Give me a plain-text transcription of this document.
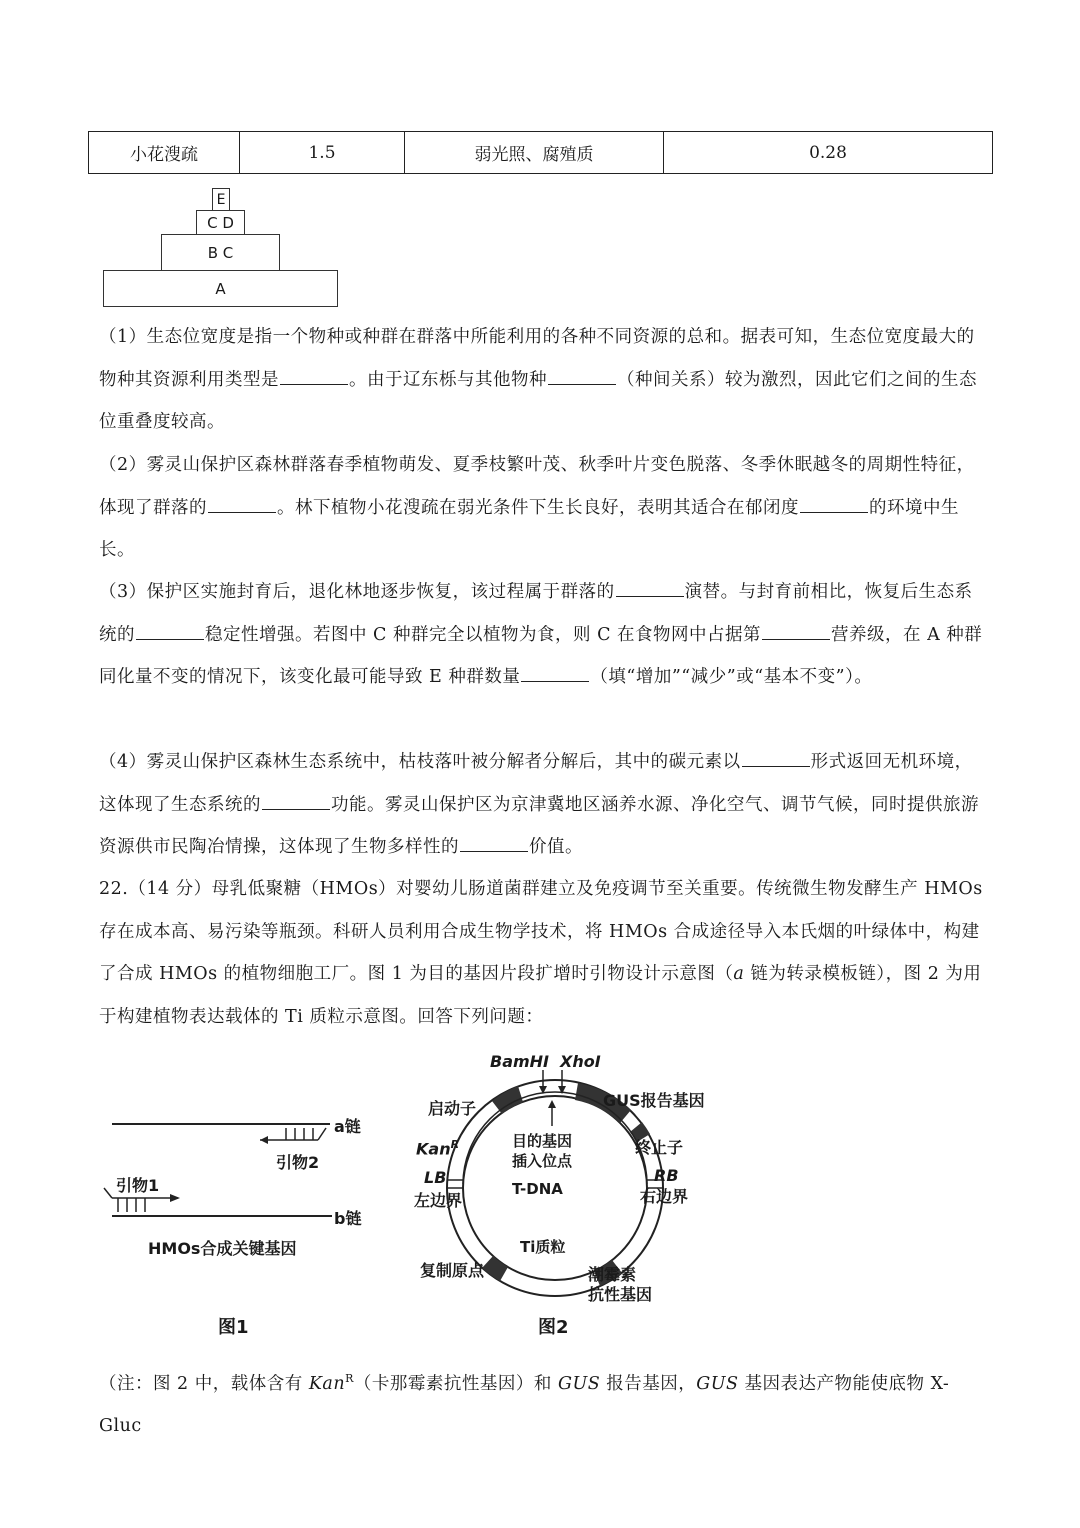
小花溲疏	1.5	弱光照、腐殖质	0.28
A
B C
C D
E
（1）生态位宽度是指一个物种或种群在群落中所能利用的各种不同资源的总和。据表可知，生态位宽度最大的物种其资源利用类型是	。由于辽东栎与其他物种	（种间关系）较为激烈，因此它们之间的生态位重叠度较高。
（2）雾灵山保护区森林群落春季植物萌发、夏季枝繁叶茂、秋季叶片变色脱落、冬季休眠越冬的周期性特征，体现了群落的	。林下植物小花溲疏在弱光条件下生长良好，表明其适合在郁闭度	的环境中生长。
（3）保护区实施封育后，退化林地逐步恢复，该过程属于群落的	演替。与封育前相比，恢复后生态系统的	稳定性增强。若图中 C 种群完全以植物为食，则 C 在食物网中占据第	营养级，在 A 种群同化量不变的情况下，该变化最可能导致 E 种群数量	（填“增加”“减少”或“基本不变”）。
（4）雾灵山保护区森林生态系统中，枯枝落叶被分解者分解后，其中的碳元素以	形式返回无机环境，这体现了生态系统的	功能。雾灵山保护区为京津冀地区涵养水源、净化空气、调节气候，同时提供旅游资源供市民陶冶情操，这体现了生物多样性的	价值。
22.（14 分）母乳低聚糖（HMOs）对婴幼儿肠道菌群建立及免疫调节至关重要。传统微生物发酵生产 HMOs 存在成本高、易污染等瓶颈。科研人员利用合成生物学技术，将 HMOs 合成途径导入本氏烟的叶绿体中，构建了合成 HMOs 的植物细胞工厂。图 1 为目的基因片段扩增时引物设计示意图（a 链为转录模板链），图 2 为用于构建植物表达载体的 Ti 质粒示意图。回答下列问题：
a链
引物2
引物1
b链
HMOs合成关键基因
图1
BamHⅠ XhoⅠ
启动子	GUS报告基因
Kan$^R$	终止子
目的基因
插入位点
LB
左边界
RB
右边界
T-DNA
Ti质粒
复制原点	潮霉素
抗性基因
图2
（注：图 2 中，载体含有 Kan$^R$（卡那霉素抗性基因）和 GUS 报告基因，GUS 基因表达产物能使底物 X-Gluc
